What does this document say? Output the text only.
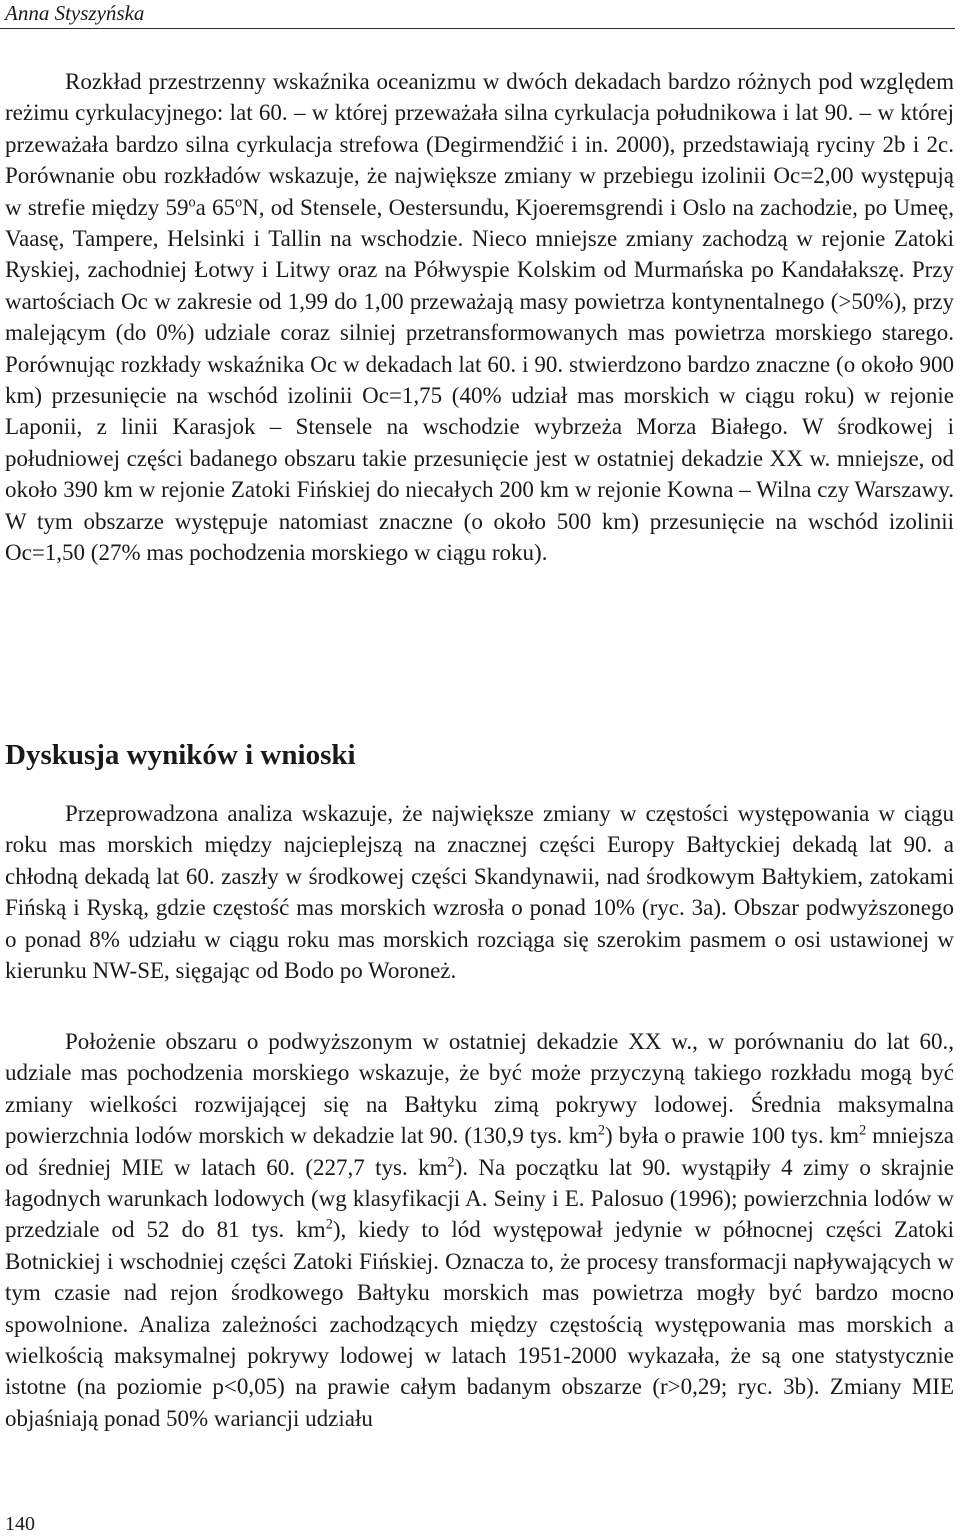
Anna Styszyńska

Rozkład przestrzenny wskaźnika oceanizmu w dwóch dekadach bardzo różnych pod względem reżimu cyrkulacyjnego: lat 60. – w której przeważała silna cyrkulacja południkowa i lat 90. – w której przeważała bardzo silna cyrkulacja strefowa (Degirmendžić i in. 2000), przedstawiają ryciny 2b i 2c. Porównanie obu rozkładów wskazuje, że największe zmiany w przebiegu izolinii Oc=2,00 występują w strefie między 59$^o$a 65$^o$N, od Stensele, Oestersundu, Kjoeremsgrendi i Oslo na zachodzie, po Umeę, Vaasę, Tampere, Helsinki i Tallin na wschodzie. Nieco mniejsze zmiany zachodzą w rejonie Zatoki Ryskiej, zachodniej Łotwy i Litwy oraz na Półwyspie Kolskim od Murmańska po Kandałakszę. Przy wartościach Oc w zakresie od 1,99 do 1,00 przeważają masy powietrza kontynentalnego (>50%), przy malejącym (do 0%) udziale coraz silniej przetransformowanych mas powietrza morskiego starego. Porównując rozkłady wskaźnika Oc w dekadach lat 60. i 90. stwierdzono bardzo znaczne (o około 900 km) przesunięcie na wschód izolinii Oc=1,75 (40% udział mas morskich w ciągu roku) w rejonie Laponii, z linii Karasjok – Stensele na wschodzie wybrzeża Morza Białego. W środkowej i południowej części badanego obszaru takie przesunięcie jest w ostatniej dekadzie XX w. mniejsze, od około 390 km w rejonie Zatoki Fińskiej do niecałych 200 km w rejonie Kowna – Wilna czy Warszawy. W tym obszarze występuje natomiast znaczne (o około 500 km) przesunięcie na wschód izolinii Oc=1,50 (27% mas pochodzenia morskiego w ciągu roku).

Dyskusja wyników i wnioski

Przeprowadzona analiza wskazuje, że największe zmiany w częstości występowania w ciągu roku mas morskich między najcieplejszą na znacznej części Europy Bałtyckiej dekadą lat 90. a chłodną dekadą lat 60. zaszły w środkowej części Skandynawii, nad środkowym Bałtykiem, zatokami Fińską i Ryską, gdzie częstość mas morskich wzrosła o ponad 10% (ryc. 3a). Obszar podwyższonego o ponad 8% udziału w ciągu roku mas morskich rozciąga się szerokim pasmem o osi ustawionej w kierunku NW-SE, sięgając od Bodo po Woroneż.

Położenie obszaru o podwyższonym w ostatniej dekadzie XX w., w porównaniu do lat 60., udziale mas pochodzenia morskiego wskazuje, że być może przyczyną takiego rozkładu mogą być zmiany wielkości rozwijającej się na Bałtyku zimą pokrywy lodowej. Średnia maksymalna powierzchnia lodów morskich w dekadzie lat 90. (130,9 tys. $km^2$) była o prawie 100 tys. $km^2$ mniejsza od średniej MIE w latach 60. (227,7 tys. $km^2$). Na początku lat 90. wystąpiły 4 zimy o skrajnie łagodnych warunkach lodowych (wg klasyfikacji A. Seiny i E. Palosuo (1996); powierzchnia lodów w przedziale od 52 do 81 tys. $km^2$), kiedy to lód występował jedynie w północnej części Zatoki Botnickiej i wschodniej części Zatoki Fińskiej. Oznacza to, że procesy transformacji napływających w tym czasie nad rejon środkowego Bałtyku morskich mas powietrza mogły być bardzo mocno spowolnione. Analiza zależności zachodzących między częstością występowania mas morskich a wielkością maksymalnej pokrywy lodowej w latach 1951-2000 wykazała, że są one statystycznie istotne (na poziomie p<0,05) na prawie całym badanym obszarze (r>0,29; ryc. 3b). Zmiany MIE objaśniają ponad 50% wariancji udziału

140
